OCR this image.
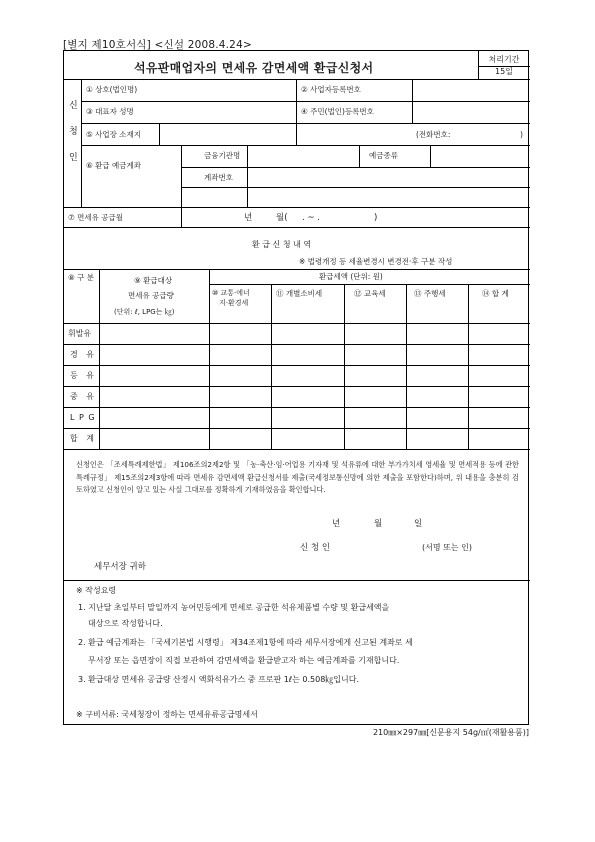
[별지 제10호서식] <신설 2008.4.24>
석유판매업자의 면세유 감면세액 환급신청서
처리기간
15일
신
청
인
① 상호(법인명)	② 사업자등록번호
③ 대표자 성명	④ 주민(법인)등록번호
⑤ 사업장 소재지	(전화번호:	)
⑥ 환급 예금계좌
금융기관명	예금종류
계좌번호
⑦ 면세유 공급월	년	월( . ~ .	)
환 급 신 청 내 역
※ 법령개정 등 세율변경시 변경전·후 구분 작성
⑧ 구 분	⑨ 환급대상
면세유 공급량
(단위: ℓ, LPG는 ㎏)
환급세액 (단위: 원)
⑩ 교통·에너
지·환경세
⑪ 개별소비세	⑫ 교육세	⑬ 주행세	⑭ 합 계
휘발유
경 유
등 유
중 유
L P G
합 계
신청인은 「조세특례제한법」 제106조의2제2항 및 「농·축산·임·어업용 기자재 및 석유류에 대한 부가가치세 영세율 및 면세적용 등에 관한 특례규정」 제15조의2제3항에 따라 면세유 감면세액 환급신청서를 제출(국세정보통신망에 의한 제출을 포함한다)하며, 위 내용을 충분히 검토하였고 신청인이 알고 있는 사실 그대로를 정확하게 기재하였음을 확인합니다.
년	월	일
신 청 인	(서명 또는 인)
세무서장 귀하
※ 작성요령
1. 지난달 초일부터 말일까지 농어민등에게 면세로 공급한 석유제품별 수량 및 환급세액을
대상으로 작성합니다.
2. 환급 예금계좌는 「국세기본법 시행령」 제34조제1항에 따라 세무서장에게 신고된 계좌로 세
무서장 또는 읍면장이 직접 보관하여 감면세액을 환급받고자 하는 예금계좌를 기재합니다.
3. 환급대상 면세유 공급량 산정시 액화석유가스 중 프로판 1ℓ는 0.508㎏입니다.
※ 구비서류: 국세청장이 정하는 면세유류공급명세서
210㎜×297㎜[신문용지 54g/㎡(재활용품)]
